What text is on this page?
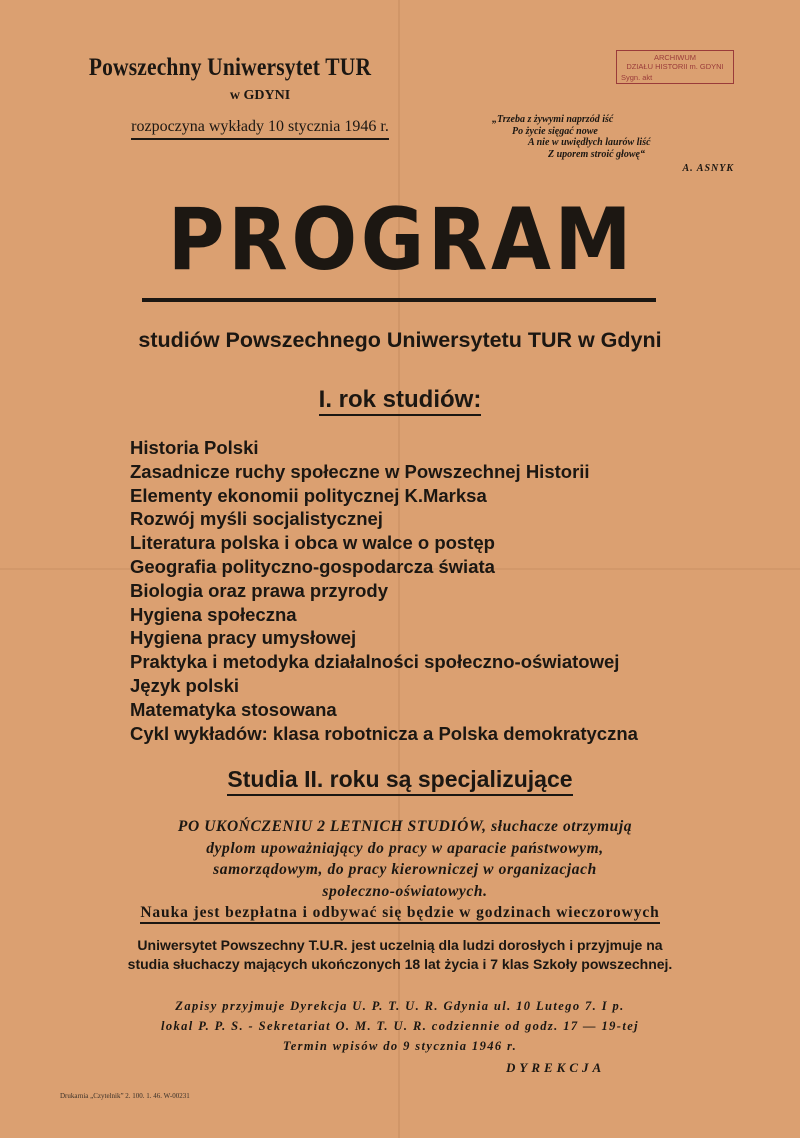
Powszechny Uniwersytet TUR
w GDYNI
rozpoczyna wykłady 10 stycznia 1946 r.
ARCHIWUM
DZIAŁU HISTORII m. GDYNI
Sygn. akt
„Trzeba z żywymi naprzód iść
Po życie sięgać nowe
A nie w uwiędłych laurów liść
Z uporem stroić głowę“
A. ASNYK
PROGRAM
studiów Powszechnego Uniwersytetu TUR w Gdyni
I. rok studiów:
Historia Polski
Zasadnicze ruchy społeczne w Powszechnej Historii
Elementy ekonomii politycznej K.Marksa
Rozwój myśli socjalistycznej
Literatura polska i obca w walce o postęp
Geografia polityczno-gospodarcza świata
Biologia oraz prawa przyrody
Hygiena społeczna
Hygiena pracy umysłowej
Praktyka i metodyka działalności społeczno-oświatowej
Język polski
Matematyka stosowana
Cykl wykładów: klasa robotnicza a Polska demokratyczna
Studia II. roku są specjalizujące
PO UKOŃCZENIU 2 LETNICH STUDIÓW, słuchacze otrzymują
dyplom upoważniający do pracy w aparacie państwowym,
samorządowym, do pracy kierowniczej w organizacjach
społeczno-oświatowych.
Nauka jest bezpłatna i odbywać się będzie w godzinach wieczorowych
Uniwersytet Powszechny T.U.R. jest uczelnią dla ludzi dorosłych i przyjmuje na
studia słuchaczy mających ukończonych 18 lat życia i 7 klas Szkoły powszechnej.
Zapisy przyjmuje Dyrekcja U. P. T. U. R. Gdynia ul. 10 Lutego 7. I p.
lokal P. P. S. - Sekretariat O. M. T. U. R. codziennie od godz. 17 — 19-tej
Termin wpisów do 9 stycznia 1946 r.
DYREKCJA
Drukarnia „Czytelnik” 2. 100. 1. 46. W-00231
